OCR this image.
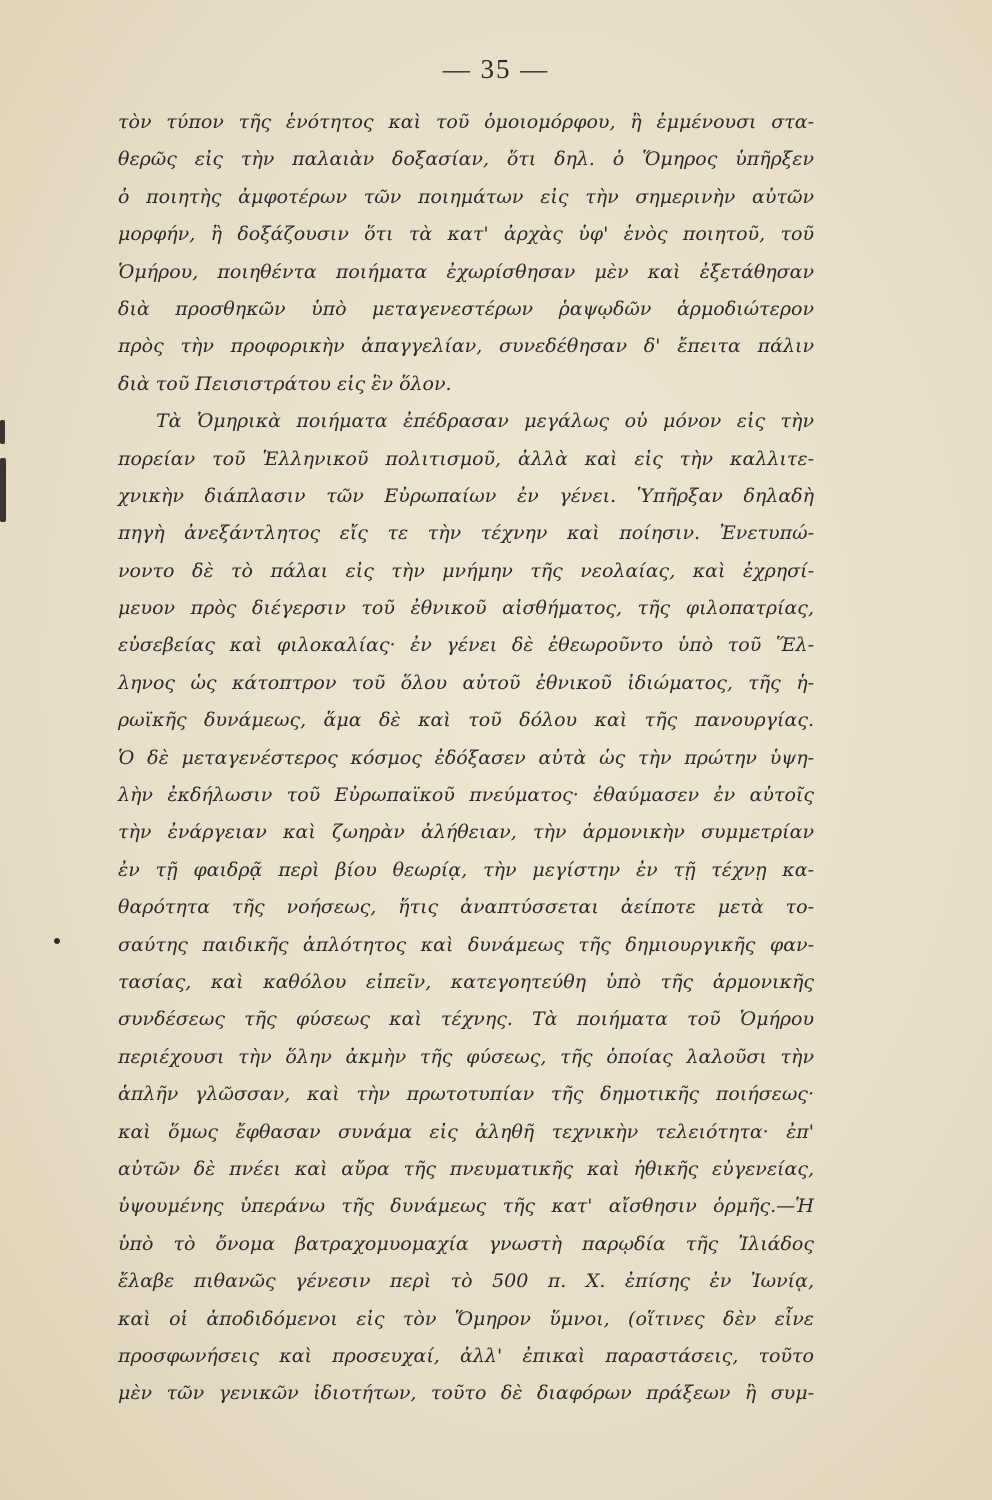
— 35 —
τὸν τύπον τῆς ἑνότητος καὶ τοῦ ὁμοιομόρφου, ἢ ἐμμένουσι στα-
θερῶς εἰς τὴν παλαιὰν δοξασίαν, ὅτι δηλ. ὁ Ὅμηρος ὑπῆρξεν
ὁ ποιητὴς ἀμφοτέρων τῶν ποιημάτων εἰς τὴν σημερινὴν αὐτῶν
μορφήν, ἢ δοξάζουσιν ὅτι τὰ κατ' ἀρχὰς ὑφ' ἑνὸς ποιητοῦ, τοῦ
Ὁμήρου, ποιηθέντα ποιήματα ἐχωρίσθησαν μὲν καὶ ἐξετάθησαν
διὰ προσθηκῶν ὑπὸ μεταγενεστέρων ῥαψῳδῶν ἁρμοδιώτερον
πρὸς τὴν προφορικὴν ἀπαγγελίαν, συνεδέθησαν δ' ἔπειτα πάλιν
διὰ τοῦ Πεισιστράτου εἰς ἓν ὅλον.
Τὰ Ὁμηρικὰ ποιήματα ἐπέδρασαν μεγάλως οὐ μόνον εἰς τὴν
πορείαν τοῦ Ἑλληνικοῦ πολιτισμοῦ, ἀλλὰ καὶ εἰς τὴν καλλιτε-
χνικὴν διάπλασιν τῶν Εὐρωπαίων ἐν γένει. Ὑπῆρξαν δηλαδὴ
πηγὴ ἀνεξάντλητος εἴς τε τὴν τέχνην καὶ ποίησιν. Ἐνετυπώ-
νοντο δὲ τὸ πάλαι εἰς τὴν μνήμην τῆς νεολαίας, καὶ ἐχρησί-
μευον πρὸς διέγερσιν τοῦ ἐθνικοῦ αἰσθήματος, τῆς φιλοπατρίας,
εὐσεβείας καὶ φιλοκαλίας· ἐν γένει δὲ ἐθεωροῦντο ὑπὸ τοῦ Ἕλ-
ληνος ὡς κάτοπτρον τοῦ ὅλου αὐτοῦ ἐθνικοῦ ἰδιώματος, τῆς ἡ-
ρωϊκῆς δυνάμεως, ἅμα δὲ καὶ τοῦ δόλου καὶ τῆς πανουργίας.
Ὁ δὲ μεταγενέστερος κόσμος ἐδόξασεν αὐτὰ ὡς τὴν πρώτην ὑψη-
λὴν ἐκδήλωσιν τοῦ Εὐρωπαϊκοῦ πνεύματος· ἐθαύμασεν ἐν αὐτοῖς
τὴν ἐνάργειαν καὶ ζωηρὰν ἀλήθειαν, τὴν ἁρμονικὴν συμμετρίαν
ἐν τῇ φαιδρᾷ περὶ βίου θεωρίᾳ, τὴν μεγίστην ἐν τῇ τέχνῃ κα-
θαρότητα τῆς νοήσεως, ἥτις ἀναπτύσσεται ἀείποτε μετὰ το-
σαύτης παιδικῆς ἁπλότητος καὶ δυνάμεως τῆς δημιουργικῆς φαν-
τασίας, καὶ καθόλου εἰπεῖν, κατεγοητεύθη ὑπὸ τῆς ἁρμονικῆς
συνδέσεως τῆς φύσεως καὶ τέχνης. Τὰ ποιήματα τοῦ Ὁμήρου
περιέχουσι τὴν ὅλην ἀκμὴν τῆς φύσεως, τῆς ὁποίας λαλοῦσι τὴν
ἁπλῆν γλῶσσαν, καὶ τὴν πρωτοτυπίαν τῆς δημοτικῆς ποιήσεως·
καὶ ὅμως ἔφθασαν συνάμα εἰς ἀληθῆ τεχνικὴν τελειότητα· ἐπ'
αὐτῶν δὲ πνέει καὶ αὔρα τῆς πνευματικῆς καὶ ἠθικῆς εὐγενείας,
ὑψουμένης ὑπεράνω τῆς δυνάμεως τῆς κατ' αἴσθησιν ὁρμῆς.—Ἡ
ὑπὸ τὸ ὄνομα βατραχομυομαχία γνωστὴ παρῳδία τῆς Ἰλιάδος
ἔλαβε πιθανῶς γένεσιν περὶ τὸ 500 π. Χ. ἐπίσης ἐν Ἰωνίᾳ,
καὶ οἱ ἀποδιδόμενοι εἰς τὸν Ὅμηρον ὕμνοι, (οἵτινες δὲν εἶνε
προσφωνήσεις καὶ προσευχαί, ἀλλ' ἐπικαὶ παραστάσεις, τοῦτο
μὲν τῶν γενικῶν ἰδιοτήτων, τοῦτο δὲ διαφόρων πράξεων ἢ συμ-
